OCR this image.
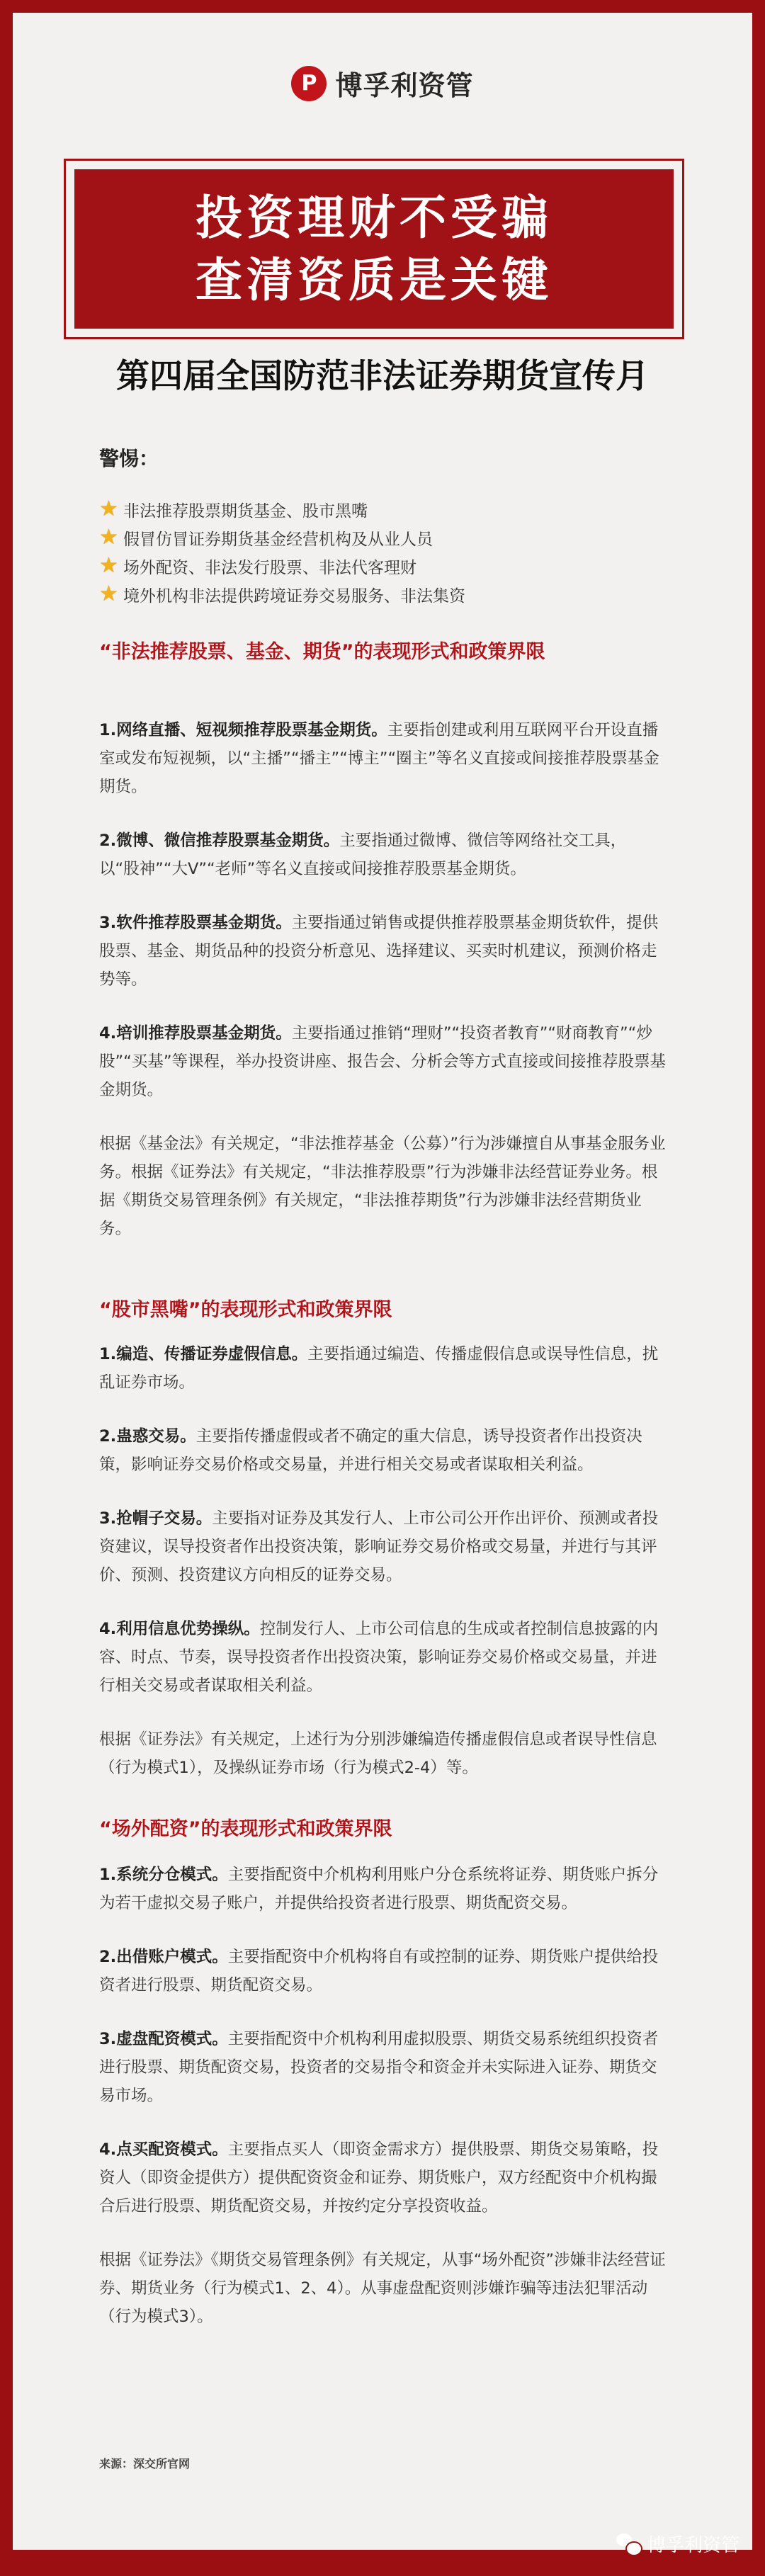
P 博孚利资管
投资理财不受骗
查清资质是关键
第四届全国防范非法证券期货宣传月
警惕：
★ 非法推荐股票期货基金、股市黑嘴
★ 假冒仿冒证券期货基金经营机构及从业人员
★ 场外配资、非法发行股票、非法代客理财
★ 境外机构非法提供跨境证券交易服务、非法集资
“非法推荐股票、基金、期货”的表现形式和政策界限

1.网络直播、短视频推荐股票基金期货。主要指创建或利用互联网平台开设直播室或发布短视频，以“主播”“播主”“博主”“圈主”等名义直接或间接推荐股票基金期货。

2.微博、微信推荐股票基金期货。主要指通过微博、微信等网络社交工具，以“股神”“大V”“老师”等名义直接或间接推荐股票基金期货。

3.软件推荐股票基金期货。主要指通过销售或提供推荐股票基金期货软件，提供股票、基金、期货品种的投资分析意见、选择建议、买卖时机建议，预测价格走势等。

4.培训推荐股票基金期货。主要指通过推销“理财”“投资者教育”“财商教育”“炒股”“买基”等课程，举办投资讲座、报告会、分析会等方式直接或间接推荐股票基金期货。

根据《基金法》有关规定，“非法推荐基金（公募）”行为涉嫌擅自从事基金服务业务。根据《证券法》有关规定，“非法推荐股票”行为涉嫌非法经营证券业务。根据《期货交易管理条例》有关规定，“非法推荐期货”行为涉嫌非法经营期货业务。

“股市黑嘴”的表现形式和政策界限

1.编造、传播证券虚假信息。主要指通过编造、传播虚假信息或误导性信息，扰乱证券市场。

2.蛊惑交易。主要指传播虚假或者不确定的重大信息，诱导投资者作出投资决策，影响证券交易价格或交易量，并进行相关交易或者谋取相关利益。

3.抢帽子交易。主要指对证券及其发行人、上市公司公开作出评价、预测或者投资建议，误导投资者作出投资决策，影响证券交易价格或交易量，并进行与其评价、预测、投资建议方向相反的证券交易。

4.利用信息优势操纵。控制发行人、上市公司信息的生成或者控制信息披露的内容、时点、节奏，误导投资者作出投资决策，影响证券交易价格或交易量，并进行相关交易或者谋取相关利益。

根据《证券法》有关规定，上述行为分别涉嫌编造传播虚假信息或者误导性信息（行为模式1），及操纵证券市场（行为模式2-4）等。

“场外配资”的表现形式和政策界限

1.系统分仓模式。主要指配资中介机构利用账户分仓系统将证券、期货账户拆分为若干虚拟交易子账户，并提供给投资者进行股票、期货配资交易。

2.出借账户模式。主要指配资中介机构将自有或控制的证券、期货账户提供给投资者进行股票、期货配资交易。

3.虚盘配资模式。主要指配资中介机构利用虚拟股票、期货交易系统组织投资者进行股票、期货配资交易，投资者的交易指令和资金并未实际进入证券、期货交易市场。

4.点买配资模式。主要指点买人（即资金需求方）提供股票、期货交易策略，投资人（即资金提供方）提供配资资金和证券、期货账户，双方经配资中介机构撮合后进行股票、期货配资交易，并按约定分享投资收益。

根据《证券法》《期货交易管理条例》有关规定，从事“场外配资”涉嫌非法经营证券、期货业务（行为模式1、2、4）。从事虚盘配资则涉嫌诈骗等违法犯罪活动（行为模式3）。

来源：深交所官网
博孚利资管
